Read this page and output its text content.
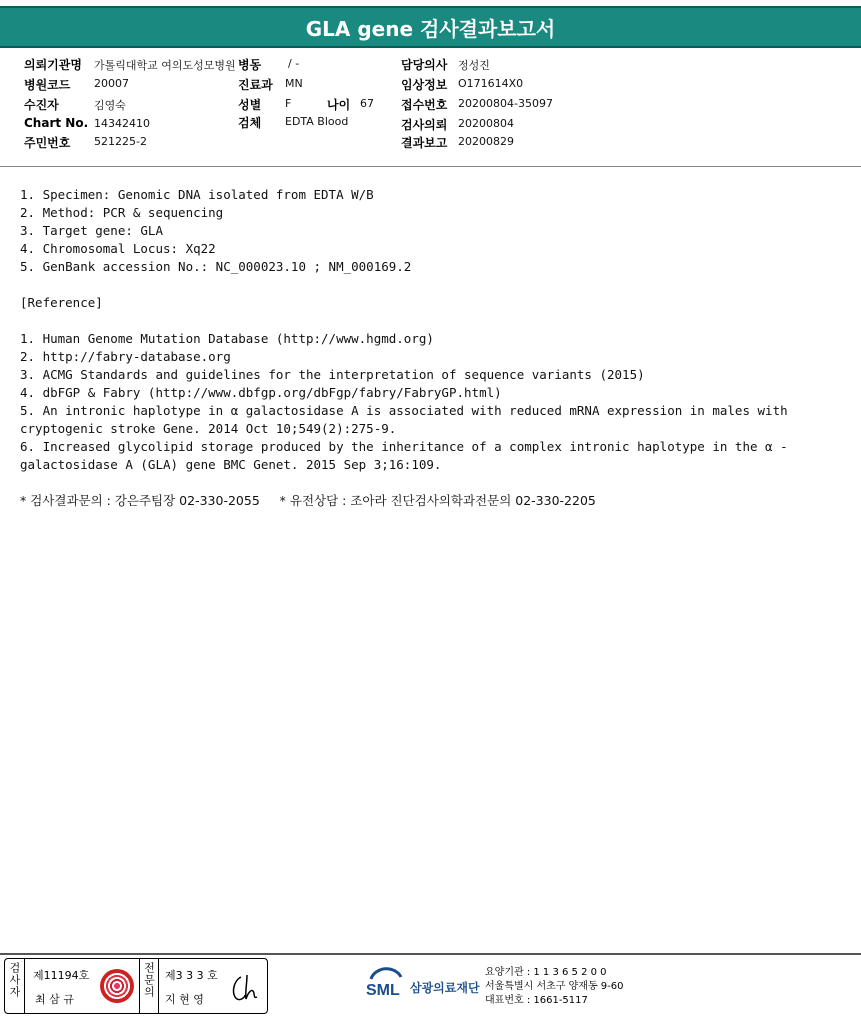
GLA gene 검사결과보고서
의뢰기관명 가톨릭대학교 여의도성모병원 병동 / -	담당의사 정성진
병원코드 20007	진료과 MN	임상정보 O171614X0
수진자	김영숙	성별 F	나이 67 접수번호 20200804-35097
Chart No. 14342410	검체 EDTA Blood	검사의뢰 20200804
주민번호 521225-2	결과보고 20200829
1. Specimen: Genomic DNA isolated from EDTA W/B
2. Method: PCR & sequencing
3. Target gene: GLA
4. Chromosomal Locus: Xq22
5. GenBank accession No.: NC_000023.10 ; NM_000169.2
[Reference]
1. Human Genome Mutation Database (http://www.hgmd.org)
2. http://fabry-database.org
3. ACMG Standards and guidelines for the interpretation of sequence variants (2015)
4. dbFGP & Fabry (http://www.dbfgp.org/dbFgp/fabry/FabryGP.html)
5. An intronic haplotype in α galactosidase A is associated with reduced mRNA expression in males with cryptogenic stroke Gene. 2014 Oct 10;549(2):275-9.
6. Increased glycolipid storage produced by the inheritance of a complex intronic haplotype in the α -galactosidase A (GLA) gene BMC Genet. 2015 Sep 3;16:109.
* 검사결과문의 : 강은주팀장 02-330-2055     * 유전상담 : 조아라 진단검사의학과전문의 02-330-2205
검사자	제11194호
최 삼 규
전문의 제3 3 3 호
지 현 영
SML 삼광의료재단
요양기관 : 1 1 3 6 5 2 0 0
서울특별시 서초구 양재동 9-60
대표번호 : 1661-5117
